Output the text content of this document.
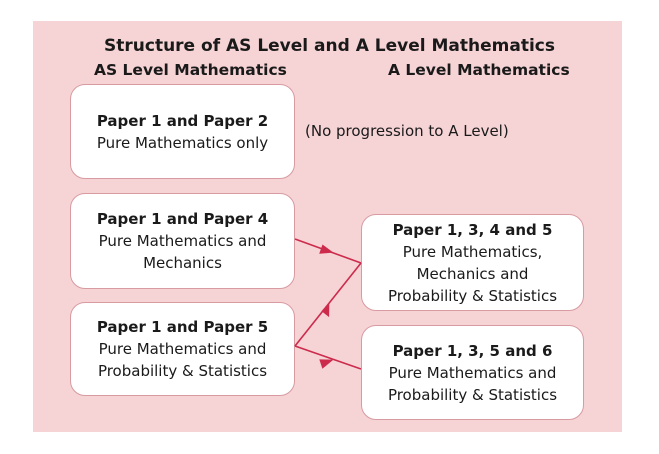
Structure of AS Level and A Level Mathematics
AS Level Mathematics	A Level Mathematics
Paper 1 and Paper 2
Pure Mathematics only
Paper 1 and Paper 4
Pure Mathematics and
Mechanics
Paper 1 and Paper 5
Pure Mathematics and
Probability & Statistics
(No progression to A Level)
Paper 1, 3, 4 and 5
Pure Mathematics,
Mechanics and
Probability & Statistics
Paper 1, 3, 5 and 6
Pure Mathematics and
Probability & Statistics
